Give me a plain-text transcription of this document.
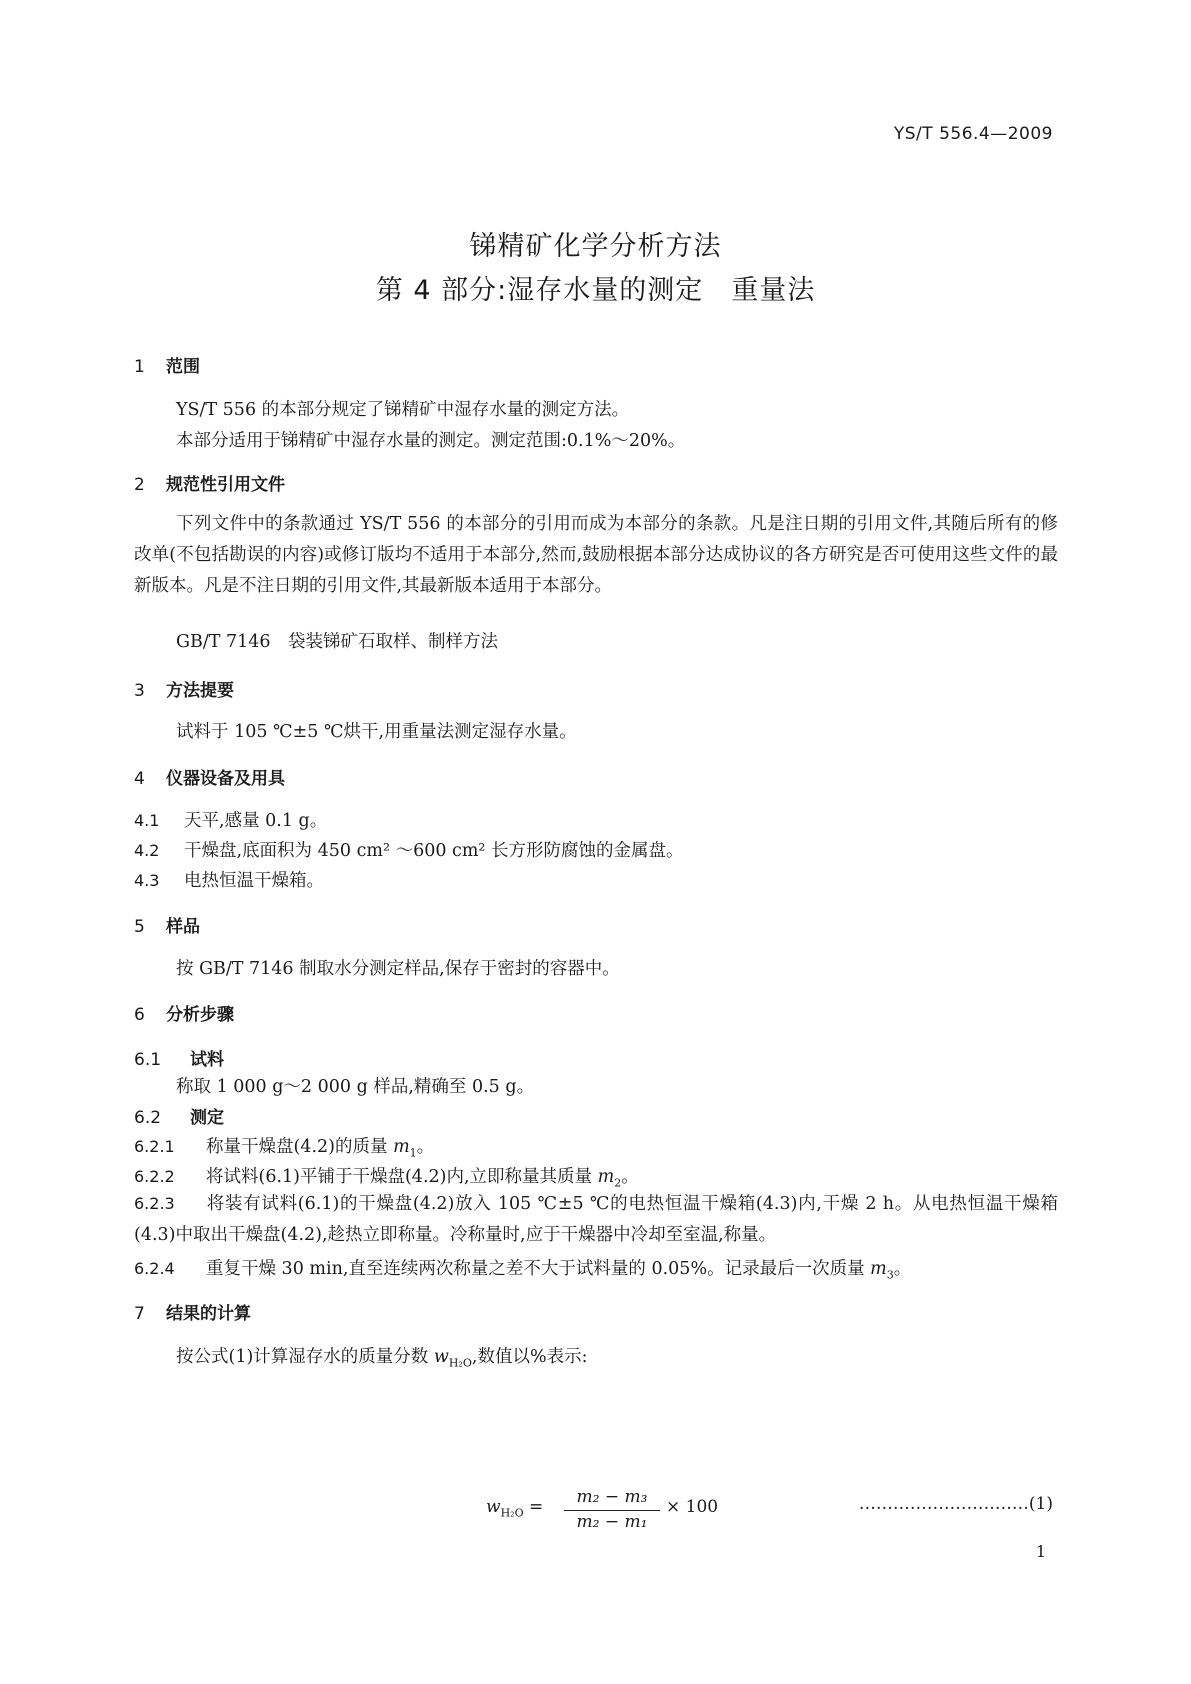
YS/T 556.4—2009
锑精矿化学分析方法
第 4 部分:湿存水量的测定　重量法
1 范围
YS/T 556 的本部分规定了锑精矿中湿存水量的测定方法。
本部分适用于锑精矿中湿存水量的测定。测定范围:0.1%～20%。
2 规范性引用文件
下列文件中的条款通过 YS/T 556 的本部分的引用而成为本部分的条款。凡是注日期的引用文件,其随后所有的修改单(不包括勘误的内容)或修订版均不适用于本部分,然而,鼓励根据本部分达成协议的各方研究是否可使用这些文件的最新版本。凡是不注日期的引用文件,其最新版本适用于本部分。
GB/T 7146　袋装锑矿石取样、制样方法
3 方法提要
试料于 105 ℃±5 ℃烘干,用重量法测定湿存水量。
4 仪器设备及用具
4.1 天平,感量 0.1 g。
4.2 干燥盘,底面积为 450 cm² ～600 cm² 长方形防腐蚀的金属盘。
4.3 电热恒温干燥箱。
5 样品
按 GB/T 7146 制取水分测定样品,保存于密封的容器中。
6 分析步骤
6.1 试料
称取 1 000 g～2 000 g 样品,精确至 0.5 g。
6.2 测定
6.2.1 称量干燥盘(4.2)的质量 $m_1$。
6.2.2 将试料(6.1)平铺于干燥盘(4.2)内,立即称量其质量 $m_2$。
6.2.3 将装有试料(6.1)的干燥盘(4.2)放入 105 ℃±5 ℃的电热恒温干燥箱(4.3)内,干燥 2 h。从电热恒温干燥箱(4.3)中取出干燥盘(4.2),趁热立即称量。冷称量时,应于干燥器中冷却至室温,称量。
6.2.4 重复干燥 30 min,直至连续两次称量之差不大于试料量的 0.05%。记录最后一次质量 $m_3$。
7 结果的计算
按公式(1)计算湿存水的质量分数 $w_{H_2O}$,数值以%表示:
$w_{H_2O}$ =	m₂ − m₃
m₂ − m₁
× 100	…………………………(1)
1
